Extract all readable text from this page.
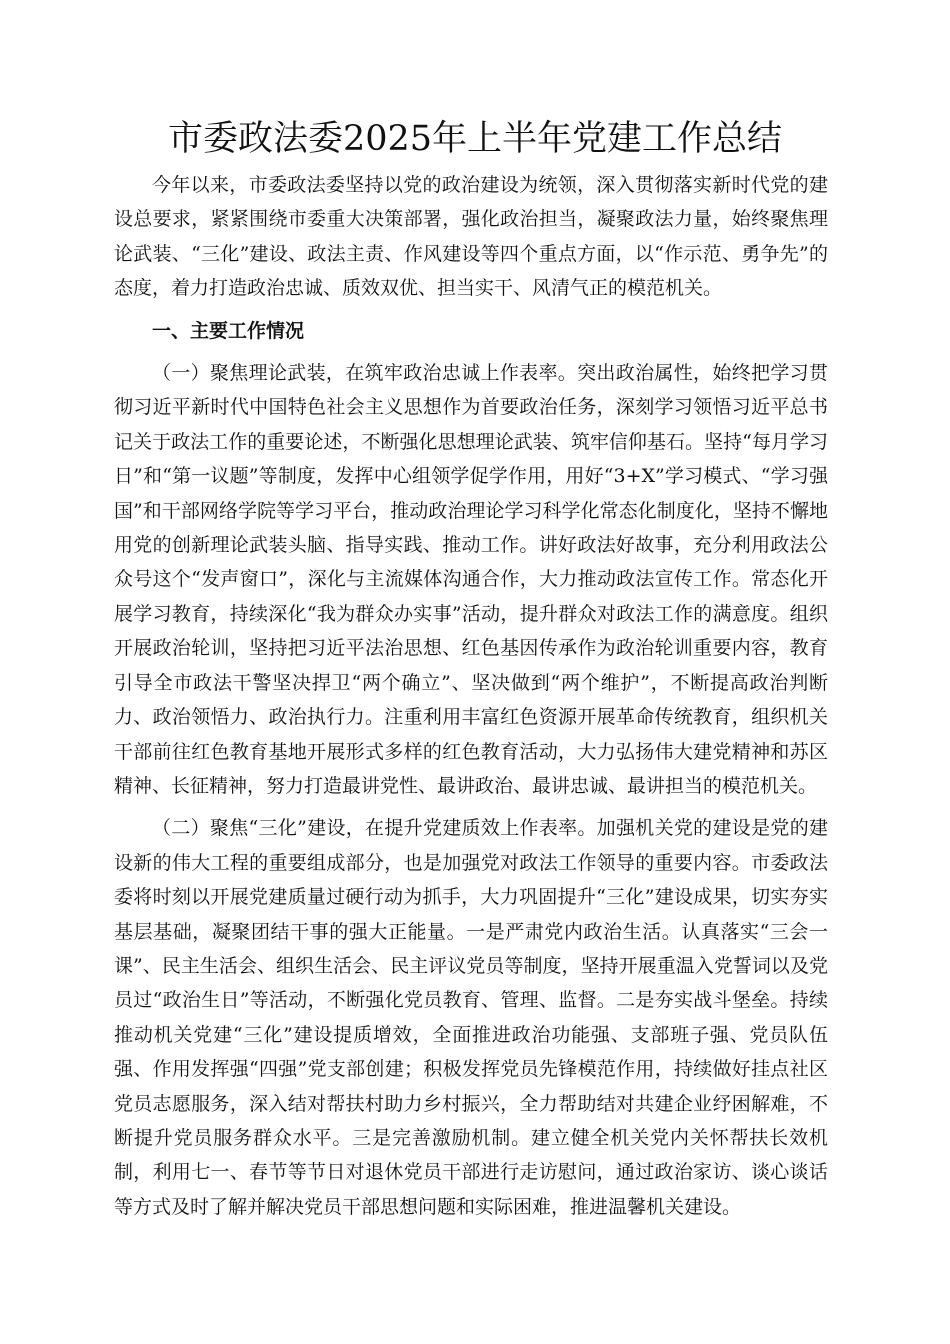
市委政法委2025年上半年党建工作总结

今年以来，市委政法委坚持以党的政治建设为统领，深入贯彻落实新时代党的建设总要求，紧紧围绕市委重大决策部署，强化政治担当，凝聚政法力量，始终聚焦理论武装、“三化”建设、政法主责、作风建设等四个重点方面，以“作示范、勇争先”的态度，着力打造政治忠诚、质效双优、担当实干、风清气正的模范机关。

一、主要工作情况

（一）聚焦理论武装，在筑牢政治忠诚上作表率。突出政治属性，始终把学习贯彻习近平新时代中国特色社会主义思想作为首要政治任务，深刻学习领悟习近平总书记关于政法工作的重要论述，不断强化思想理论武装、筑牢信仰基石。坚持“每月学习日”和“第一议题”等制度，发挥中心组领学促学作用，用好“3+X”学习模式、“学习强国”和干部网络学院等学习平台，推动政治理论学习科学化常态化制度化，坚持不懈地用党的创新理论武装头脑、指导实践、推动工作。讲好政法好故事，充分利用政法公众号这个“发声窗口”，深化与主流媒体沟通合作，大力推动政法宣传工作。常态化开展学习教育，持续深化“我为群众办实事”活动，提升群众对政法工作的满意度。组织开展政治轮训，坚持把习近平法治思想、红色基因传承作为政治轮训重要内容，教育引导全市政法干警坚决捍卫“两个确立”、坚决做到“两个维护”，不断提高政治判断力、政治领悟力、政治执行力。注重利用丰富红色资源开展革命传统教育，组织机关干部前往红色教育基地开展形式多样的红色教育活动，大力弘扬伟大建党精神和苏区精神、长征精神，努力打造最讲党性、最讲政治、最讲忠诚、最讲担当的模范机关。

（二）聚焦“三化”建设，在提升党建质效上作表率。加强机关党的建设是党的建设新的伟大工程的重要组成部分，也是加强党对政法工作领导的重要内容。市委政法委将时刻以开展党建质量过硬行动为抓手，大力巩固提升“三化”建设成果，切实夯实基层基础，凝聚团结干事的强大正能量。一是严肃党内政治生活。认真落实“三会一课”、民主生活会、组织生活会、民主评议党员等制度，坚持开展重温入党誓词以及党员过“政治生日”等活动，不断强化党员教育、管理、监督。二是夯实战斗堡垒。持续推动机关党建“三化”建设提质增效，全面推进政治功能强、支部班子强、党员队伍强、作用发挥强“四强”党支部创建；积极发挥党员先锋模范作用，持续做好挂点社区党员志愿服务，深入结对帮扶村助力乡村振兴，全力帮助结对共建企业纾困解难，不断提升党员服务群众水平。三是完善激励机制。建立健全机关党内关怀帮扶长效机制，利用七一、春节等节日对退休党员干部进行走访慰问，通过政治家访、谈心谈话等方式及时了解并解决党员干部思想问题和实际困难，推进温馨机关建设。
